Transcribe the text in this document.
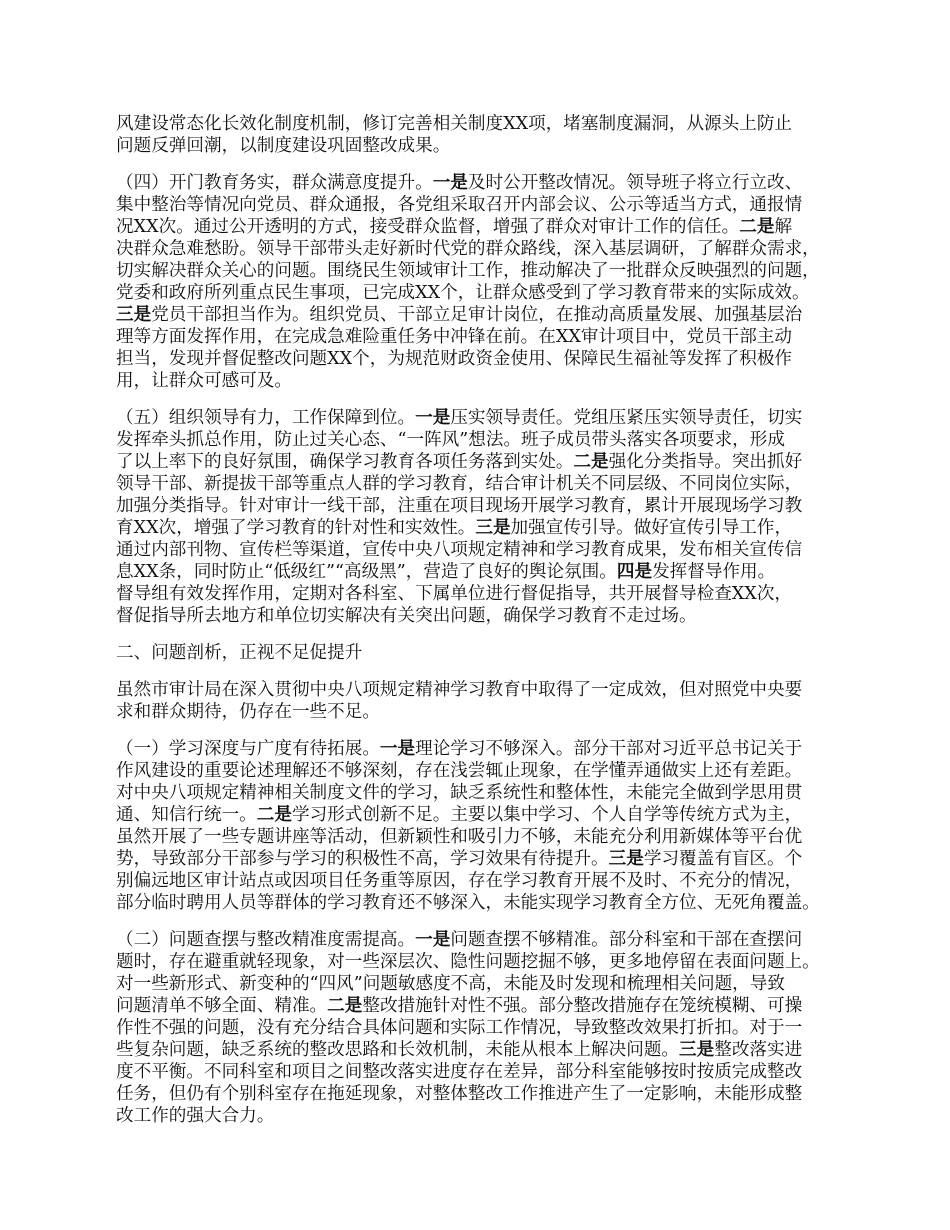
风建设常态化长效化制度机制，修订完善相关制度XX项，堵塞制度漏洞，从源头上防止
问题反弹回潮，以制度建设巩固整改成果。
（四）开门教育务实，群众满意度提升。一是及时公开整改情况。领导班子将立行立改、
集中整治等情况向党员、群众通报，各党组采取召开内部会议、公示等适当方式，通报情
况XX次。通过公开透明的方式，接受群众监督，增强了群众对审计工作的信任。二是解
决群众急难愁盼。领导干部带头走好新时代党的群众路线，深入基层调研，了解群众需求，
切实解决群众关心的问题。围绕民生领域审计工作，推动解决了一批群众反映强烈的问题，
党委和政府所列重点民生事项，已完成XX个，让群众感受到了学习教育带来的实际成效。
三是党员干部担当作为。组织党员、干部立足审计岗位，在推动高质量发展、加强基层治
理等方面发挥作用，在完成急难险重任务中冲锋在前。在XX审计项目中，党员干部主动
担当，发现并督促整改问题XX个，为规范财政资金使用、保障民生福祉等发挥了积极作
用，让群众可感可及。
（五）组织领导有力，工作保障到位。一是压实领导责任。党组压紧压实领导责任，切实
发挥牵头抓总作用，防止过关心态、“一阵风”想法。班子成员带头落实各项要求，形成
了以上率下的良好氛围，确保学习教育各项任务落到实处。二是强化分类指导。突出抓好
领导干部、新提拔干部等重点人群的学习教育，结合审计机关不同层级、不同岗位实际，
加强分类指导。针对审计一线干部，注重在项目现场开展学习教育，累计开展现场学习教
育XX次，增强了学习教育的针对性和实效性。三是加强宣传引导。做好宣传引导工作，
通过内部刊物、宣传栏等渠道，宣传中央八项规定精神和学习教育成果，发布相关宣传信
息XX条，同时防止“低级红”“高级黑”，营造了良好的舆论氛围。四是发挥督导作用。
督导组有效发挥作用，定期对各科室、下属单位进行督促指导，共开展督导检查XX次，
督促指导所去地方和单位切实解决有关突出问题，确保学习教育不走过场。
二、问题剖析，正视不足促提升
虽然市审计局在深入贯彻中央八项规定精神学习教育中取得了一定成效，但对照党中央要
求和群众期待，仍存在一些不足。
（一）学习深度与广度有待拓展。一是理论学习不够深入。部分干部对习近平总书记关于
作风建设的重要论述理解还不够深刻，存在浅尝辄止现象，在学懂弄通做实上还有差距。
对中央八项规定精神相关制度文件的学习，缺乏系统性和整体性，未能完全做到学思用贯
通、知信行统一。二是学习形式创新不足。主要以集中学习、个人自学等传统方式为主，
虽然开展了一些专题讲座等活动，但新颖性和吸引力不够，未能充分利用新媒体等平台优
势，导致部分干部参与学习的积极性不高，学习效果有待提升。三是学习覆盖有盲区。个
别偏远地区审计站点或因项目任务重等原因，存在学习教育开展不及时、不充分的情况，
部分临时聘用人员等群体的学习教育还不够深入，未能实现学习教育全方位、无死角覆盖。
（二）问题查摆与整改精准度需提高。一是问题查摆不够精准。部分科室和干部在查摆问
题时，存在避重就轻现象，对一些深层次、隐性问题挖掘不够，更多地停留在表面问题上。
对一些新形式、新变种的“四风”问题敏感度不高，未能及时发现和梳理相关问题，导致
问题清单不够全面、精准。二是整改措施针对性不强。部分整改措施存在笼统模糊、可操
作性不强的问题，没有充分结合具体问题和实际工作情况，导致整改效果打折扣。对于一
些复杂问题，缺乏系统的整改思路和长效机制，未能从根本上解决问题。三是整改落实进
度不平衡。不同科室和项目之间整改落实进度存在差异，部分科室能够按时按质完成整改
任务，但仍有个别科室存在拖延现象，对整体整改工作推进产生了一定影响，未能形成整
改工作的强大合力。
